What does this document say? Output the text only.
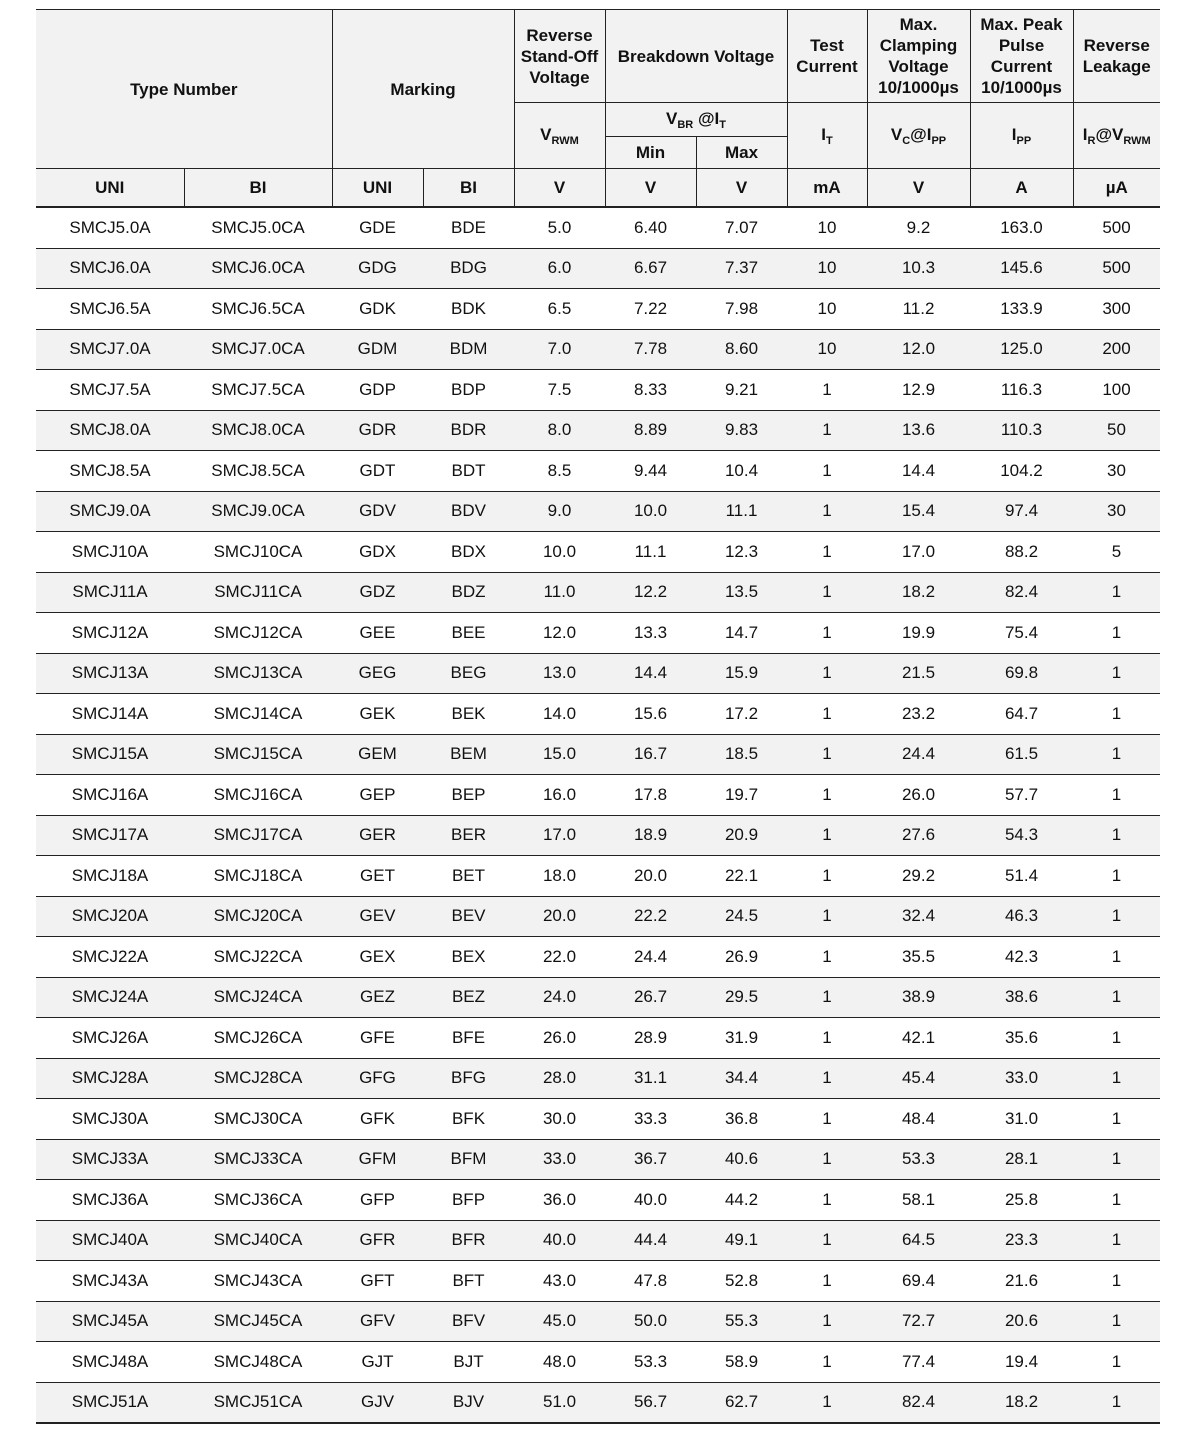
Type Number		Marking		Reverse Stand-Off Voltage	Breakdown Voltage		Test Current	Max. Clamping Voltage 10/1000µs	Max. Peak Pulse Current 10/1000µs	Reverse Leakage
				$V_{RWM}$	$V_{BR}$ $@I_T$		$I_T$	$V_C@I_{PP}$	$I_{PP}$	$I_R@V_{RWM}$
					Min	Max				
UNI	BI	UNI	BI	V	V	V	mA	V	A	µA
SMCJ5.0A	SMCJ5.0CA	GDE	BDE	5.0	6.40	7.07	10	9.2	163.0	500
SMCJ6.0A	SMCJ6.0CA	GDG	BDG	6.0	6.67	7.37	10	10.3	145.6	500
SMCJ6.5A	SMCJ6.5CA	GDK	BDK	6.5	7.22	7.98	10	11.2	133.9	300
SMCJ7.0A	SMCJ7.0CA	GDM	BDM	7.0	7.78	8.60	10	12.0	125.0	200
SMCJ7.5A	SMCJ7.5CA	GDP	BDP	7.5	8.33	9.21	1	12.9	116.3	100
SMCJ8.0A	SMCJ8.0CA	GDR	BDR	8.0	8.89	9.83	1	13.6	110.3	50
SMCJ8.5A	SMCJ8.5CA	GDT	BDT	8.5	9.44	10.4	1	14.4	104.2	30
SMCJ9.0A	SMCJ9.0CA	GDV	BDV	9.0	10.0	11.1	1	15.4	97.4	30
SMCJ10A	SMCJ10CA	GDX	BDX	10.0	11.1	12.3	1	17.0	88.2	5
SMCJ11A	SMCJ11CA	GDZ	BDZ	11.0	12.2	13.5	1	18.2	82.4	1
SMCJ12A	SMCJ12CA	GEE	BEE	12.0	13.3	14.7	1	19.9	75.4	1
SMCJ13A	SMCJ13CA	GEG	BEG	13.0	14.4	15.9	1	21.5	69.8	1
SMCJ14A	SMCJ14CA	GEK	BEK	14.0	15.6	17.2	1	23.2	64.7	1
SMCJ15A	SMCJ15CA	GEM	BEM	15.0	16.7	18.5	1	24.4	61.5	1
SMCJ16A	SMCJ16CA	GEP	BEP	16.0	17.8	19.7	1	26.0	57.7	1
SMCJ17A	SMCJ17CA	GER	BER	17.0	18.9	20.9	1	27.6	54.3	1
SMCJ18A	SMCJ18CA	GET	BET	18.0	20.0	22.1	1	29.2	51.4	1
SMCJ20A	SMCJ20CA	GEV	BEV	20.0	22.2	24.5	1	32.4	46.3	1
SMCJ22A	SMCJ22CA	GEX	BEX	22.0	24.4	26.9	1	35.5	42.3	1
SMCJ24A	SMCJ24CA	GEZ	BEZ	24.0	26.7	29.5	1	38.9	38.6	1
SMCJ26A	SMCJ26CA	GFE	BFE	26.0	28.9	31.9	1	42.1	35.6	1
SMCJ28A	SMCJ28CA	GFG	BFG	28.0	31.1	34.4	1	45.4	33.0	1
SMCJ30A	SMCJ30CA	GFK	BFK	30.0	33.3	36.8	1	48.4	31.0	1
SMCJ33A	SMCJ33CA	GFM	BFM	33.0	36.7	40.6	1	53.3	28.1	1
SMCJ36A	SMCJ36CA	GFP	BFP	36.0	40.0	44.2	1	58.1	25.8	1
SMCJ40A	SMCJ40CA	GFR	BFR	40.0	44.4	49.1	1	64.5	23.3	1
SMCJ43A	SMCJ43CA	GFT	BFT	43.0	47.8	52.8	1	69.4	21.6	1
SMCJ45A	SMCJ45CA	GFV	BFV	45.0	50.0	55.3	1	72.7	20.6	1
SMCJ48A	SMCJ48CA	GJT	BJT	48.0	53.3	58.9	1	77.4	19.4	1
SMCJ51A	SMCJ51CA	GJV	BJV	51.0	56.7	62.7	1	82.4	18.2	1
